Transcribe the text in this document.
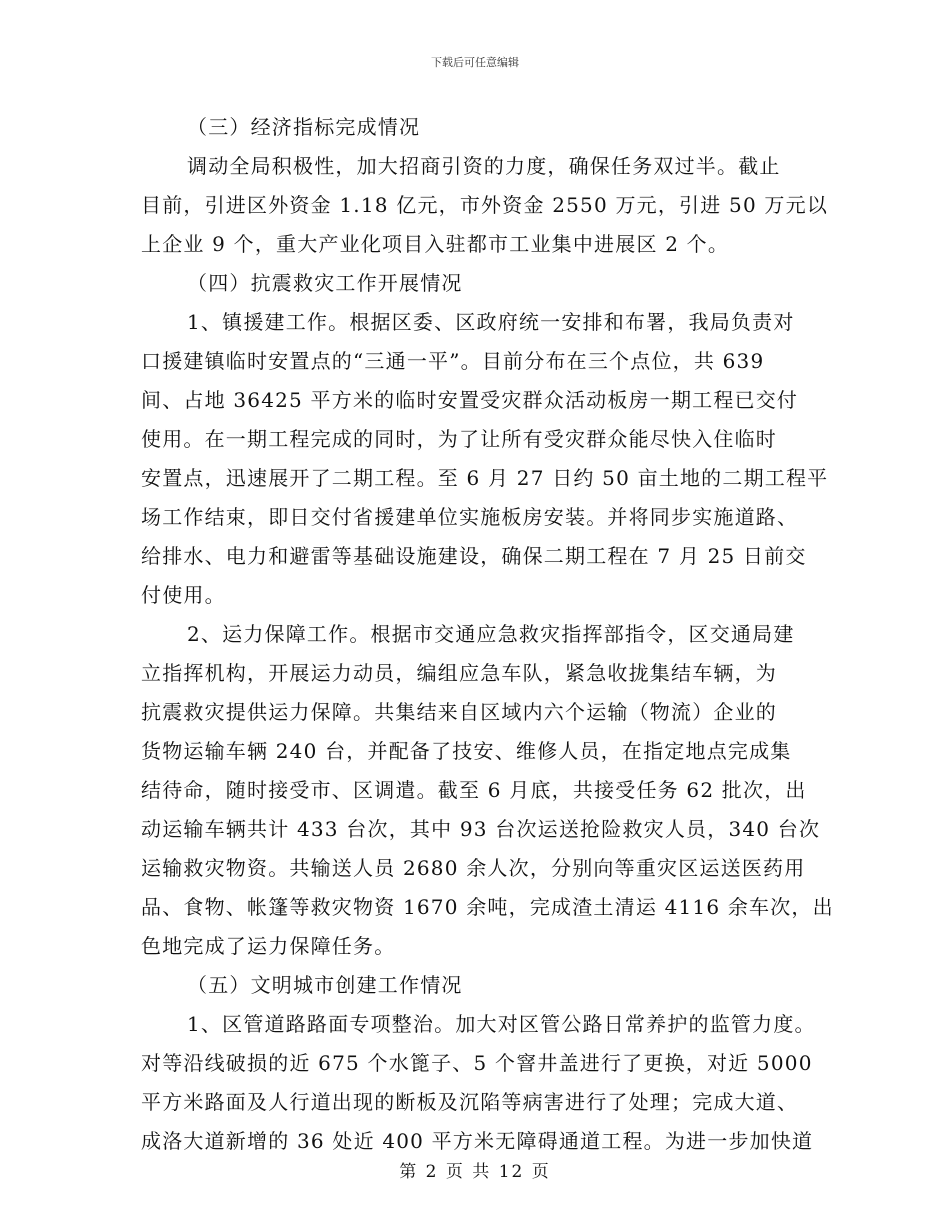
下载后可任意编辑
（三）经济指标完成情况
调动全局积极性，加大招商引资的力度，确保任务双过半。截止
目前，引进区外资金 1.18 亿元，市外资金 2550 万元，引进 50 万元以
上企业 9 个，重大产业化项目入驻都市工业集中进展区 2 个。
（四）抗震救灾工作开展情况
1、镇援建工作。根据区委、区政府统一安排和布署，我局负责对
口援建镇临时安置点的“三通一平”。目前分布在三个点位，共 639
间、占地 36425 平方米的临时安置受灾群众活动板房一期工程已交付
使用。在一期工程完成的同时，为了让所有受灾群众能尽快入住临时
安置点，迅速展开了二期工程。至 6 月 27 日约 50 亩土地的二期工程平
场工作结束，即日交付省援建单位实施板房安装。并将同步实施道路、
给排水、电力和避雷等基础设施建设，确保二期工程在 7 月 25 日前交
付使用。
2、运力保障工作。根据市交通应急救灾指挥部指令，区交通局建
立指挥机构，开展运力动员，编组应急车队，紧急收拢集结车辆，为
抗震救灾提供运力保障。共集结来自区域内六个运输（物流）企业的
货物运输车辆 240 台，并配备了技安、维修人员，在指定地点完成集
结待命，随时接受市、区调遣。截至 6 月底，共接受任务 62 批次，出
动运输车辆共计 433 台次，其中 93 台次运送抢险救灾人员，340 台次
运输救灾物资。共输送人员 2680 余人次，分别向等重灾区运送医药用
品、食物、帐篷等救灾物资 1670 余吨，完成渣土清运 4116 余车次，出
色地完成了运力保障任务。
（五）文明城市创建工作情况
1、区管道路路面专项整治。加大对区管公路日常养护的监管力度。
对等沿线破损的近 675 个水篦子、5 个窨井盖进行了更换，对近 5000
平方米路面及人行道出现的断板及沉陷等病害进行了处理；完成大道、
成洛大道新增的 36 处近 400 平方米无障碍通道工程。为进一步加快道
第 2 页 共 12 页
